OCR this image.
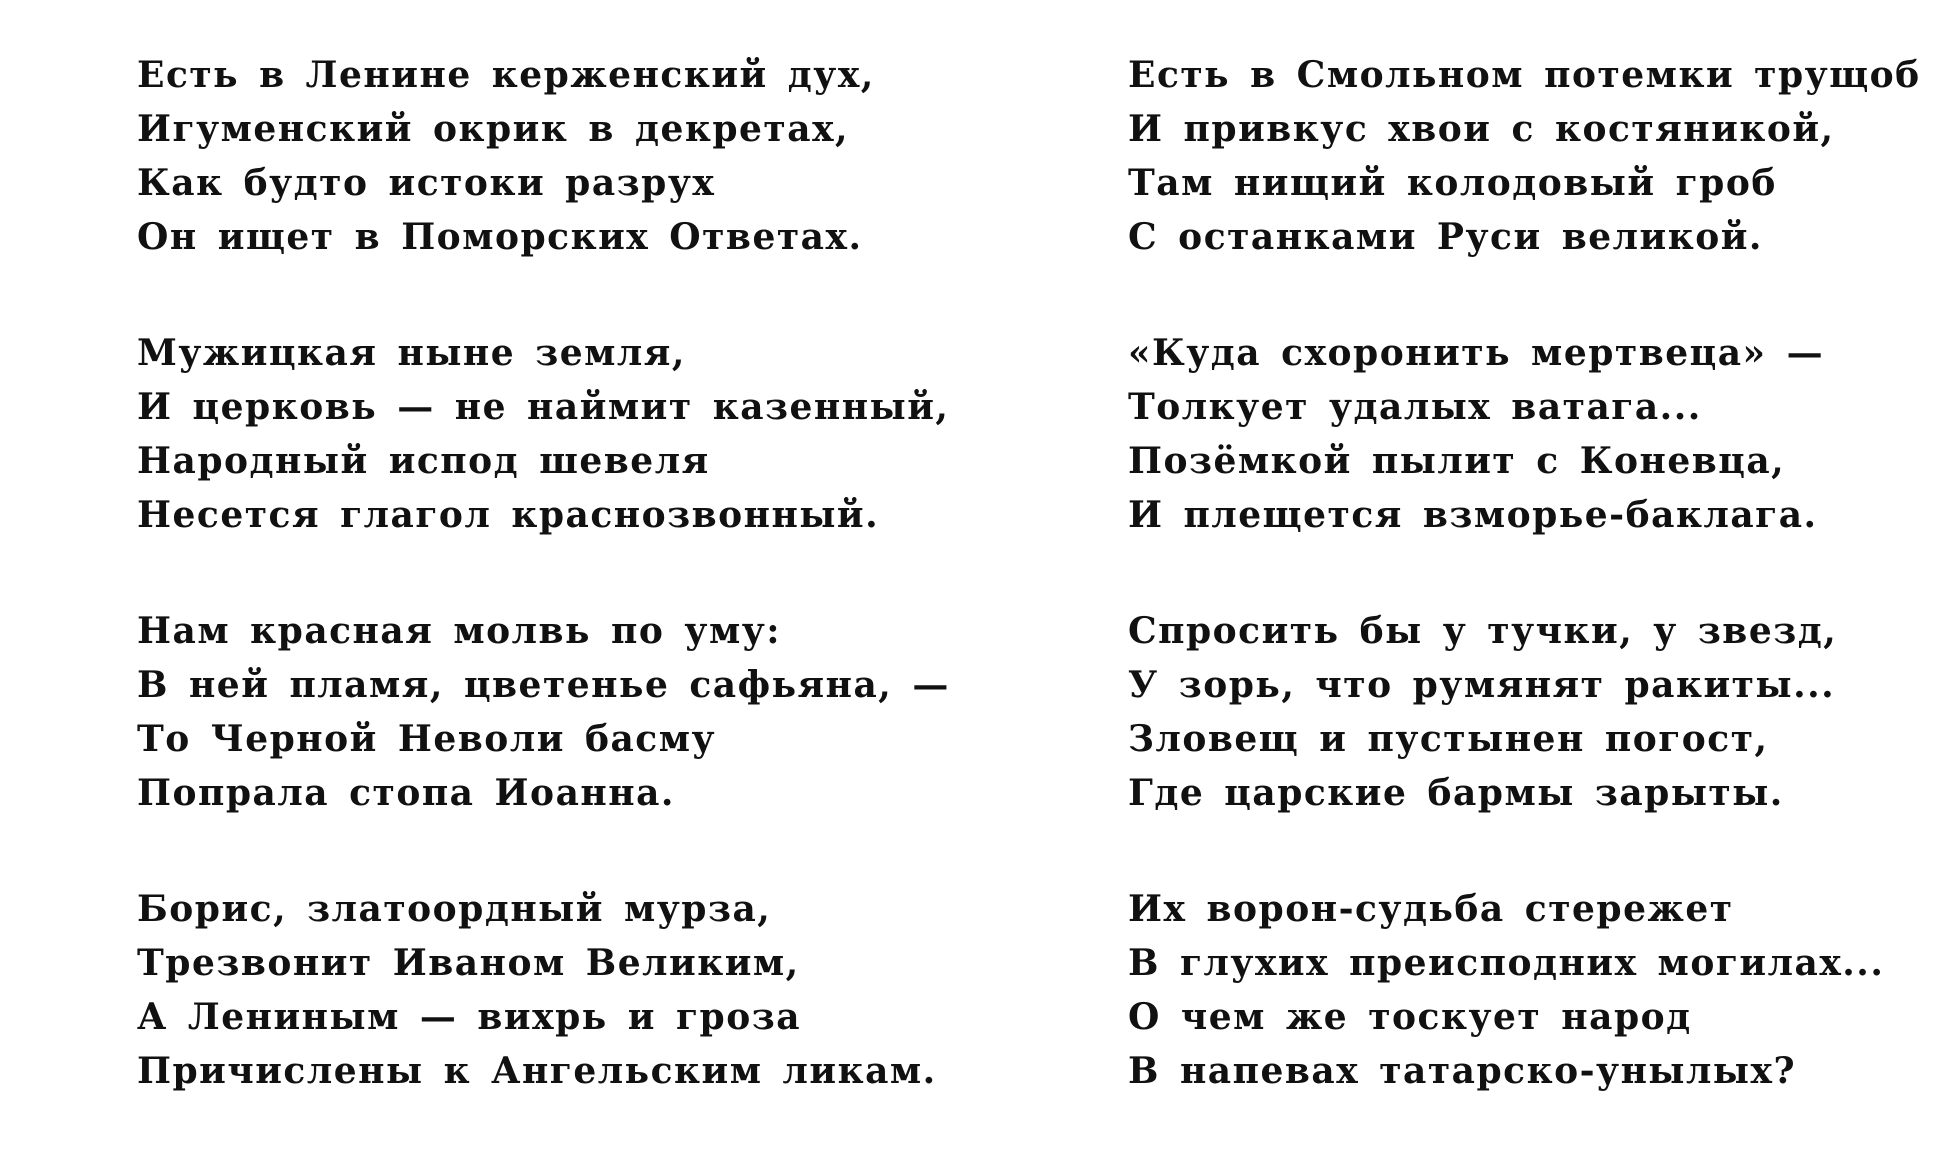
Есть в Ленине керженский дух,
Игуменский окрик в декретах,
Как будто истоки разрух
Он ищет в Поморских Ответах.
Мужицкая ныне земля,
И церковь — не наймит казенный,
Народный испод шевеля
Несется глагол краснозвонный.
Нам красная молвь по уму:
В ней пламя, цветенье сафьяна, —
То Черной Неволи басму
Попрала стопа Иоанна.
Борис, златоордный мурза,
Трезвонит Иваном Великим,
А Лениным — вихрь и гроза
Причислены к Ангельским ликам.
Есть в Смольном потемки трущоб
И привкус хвои с костяникой,
Там нищий колодовый гроб
С останками Руси великой.
«Куда схоронить мертвеца» —
Толкует удалых ватага...
Позёмкой пылит с Коневца,
И плещется взморье-баклага.
Спросить бы у тучки, у звезд,
У зорь, что румянят ракиты...
Зловещ и пустынен погост,
Где царские бармы зарыты.
Их ворон-судьба стережет
В глухих преисподних могилах...
О чем же тоскует народ
В напевах татарско-унылых?
